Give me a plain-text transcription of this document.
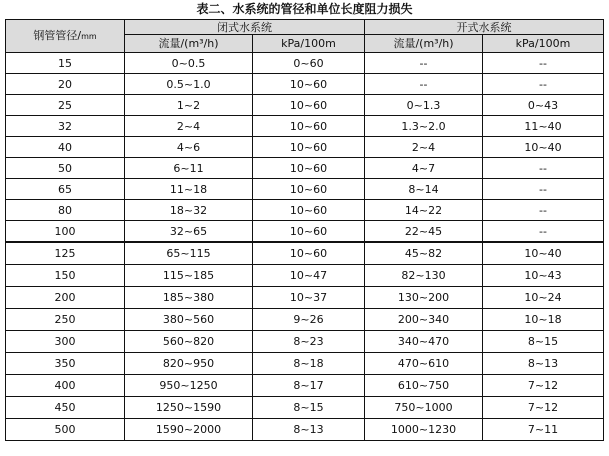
表二、水系统的管径和单位长度阻力损失
钢管管径/mm	闭式水系统		开式水系统	
	流量/(m³/h)	kPa/100m	流量/(m³/h)	kPa/100m
15	0~0.5	0~60	--	--
20	0.5~1.0	10~60	--	--
25	1~2	10~60	0~1.3	0~43
32	2~4	10~60	1.3~2.0	11~40
40	4~6	10~60	2~4	10~40
50	6~11	10~60	4~7	--
65	11~18	10~60	8~14	--
80	18~32	10~60	14~22	--
100	32~65	10~60	22~45	--
125	65~115	10~60	45~82	10~40
150	115~185	10~47	82~130	10~43
200	185~380	10~37	130~200	10~24
250	380~560	9~26	200~340	10~18
300	560~820	8~23	340~470	8~15
350	820~950	8~18	470~610	8~13
400	950~1250	8~17	610~750	7~12
450	1250~1590	8~15	750~1000	7~12
500	1590~2000	8~13	1000~1230	7~11
